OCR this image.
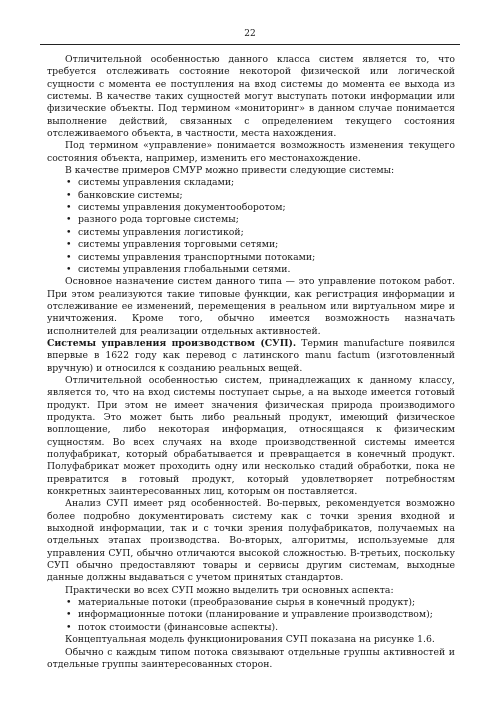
22

Отличительной особенностью данного класса систем является то, что требуется отслеживать состояние некоторой физической или логической сущности с момента ее поступления на вход системы до момента ее выхода из системы. В качестве таких сущностей могут выступать потоки информации или физические объекты. Под термином «мониторинг» в данном случае понимается выполнение действий, связанных с определением текущего состояния отслеживаемого объекта, в частности, места нахождения.

Под термином «управление» понимается возможность изменения текущего состояния объекта, например, изменить его местонахождение.

В качестве примеров СМУР можно привести следующие системы:

• системы управления складами;
• банковские системы;
• системы управления документооборотом;
• разного рода торговые системы;
• системы управления логистикой;
• системы управления торговыми сетями;
• системы управления транспортными потоками;
• системы управления глобальными сетями.

Основное назначение систем данного типа — это управление потоком работ. При этом реализуются такие типовые функции, как регистрация информации и отслеживание ее изменений, перемещения в реальном или виртуальном мире и уничтожения. Кроме того, обычно имеется возможность назначать исполнителей для реализации отдельных активностей.

Системы управления производством (СУП). Термин manufacture появился впервые в 1622 году как перевод с латинского manu factum (изготовленный вручную) и относился к созданию реальных вещей.

Отличительной особенностью систем, принадлежащих к данному классу, является то, что на вход системы поступает сырье, а на выходе имеется готовый продукт. При этом не имеет значения физическая природа производимого продукта. Это может быть либо реальный продукт, имеющий физическое воплощение, либо некоторая информация, относящаяся к физическим сущностям. Во всех случаях на входе производственной системы имеется полуфабрикат, который обрабатывается и превращается в конечный продукт. Полуфабрикат может проходить одну или несколько стадий обработки, пока не превратится в готовый продукт, который удовлетворяет потребностям конкретных заинтересованных лиц, которым он поставляется.

Анализ СУП имеет ряд особенностей. Во-первых, рекомендуется возможно более подробно документировать систему как с точки зрения входной и выходной информации, так и с точки зрения полуфабрикатов, получаемых на отдельных этапах производства. Во-вторых, алгоритмы, используемые для управления СУП, обычно отличаются высокой сложностью. В-третьих, поскольку СУП обычно предоставляют товары и сервисы другим системам, выходные данные должны выдаваться с учетом принятых стандартов.

Практически во всех СУП можно выделить три основных аспекта:

• материальные потоки (преобразование сырья в конечный продукт);
• информационные потоки (планирование и управление производством);
• поток стоимости (финансовые аспекты).

Концептуальная модель функционирования СУП показана на рисунке 1.6.

Обычно с каждым типом потока связывают отдельные группы активностей и отдельные группы заинтересованных сторон.
